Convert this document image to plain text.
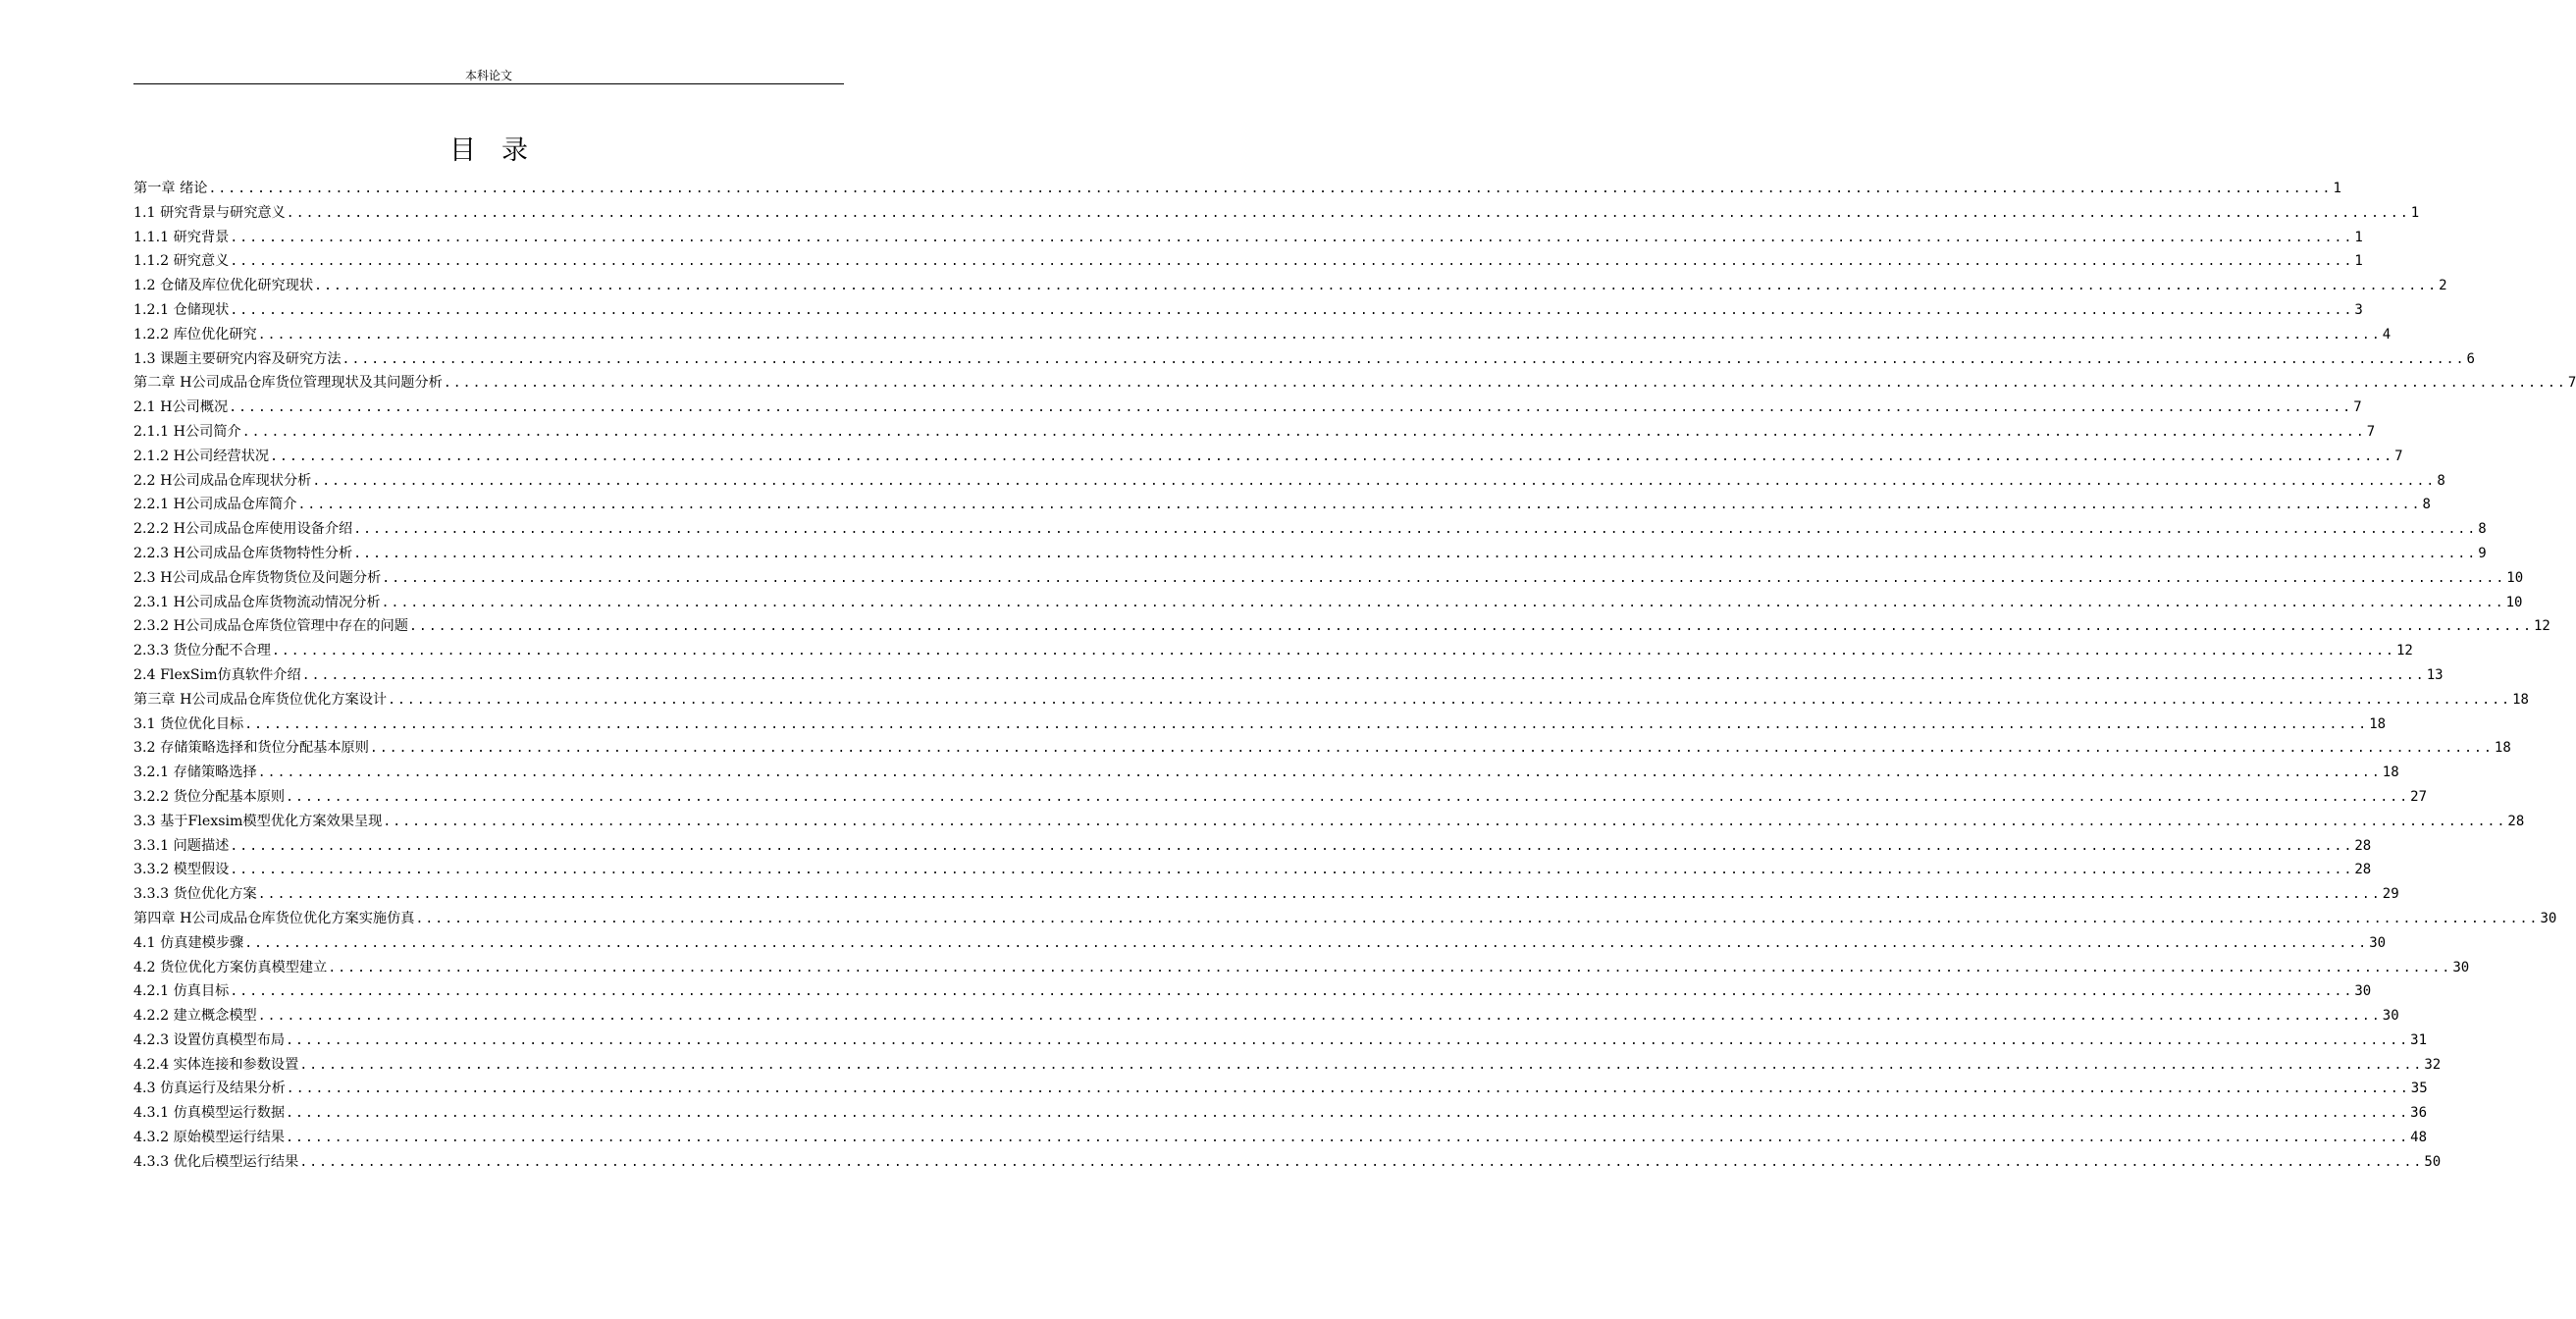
本科论文
目录
第一章 绪论 .......................................................................................................................................................................................................................... 1
1.1 研究背景与研究意义 .......................................................................................................................................................................................................................... 1
1.1.1 研究背景 .......................................................................................................................................................................................................................... 1
1.1.2 研究意义 .......................................................................................................................................................................................................................... 1
1.2 仓储及库位优化研究现状 .......................................................................................................................................................................................................................... 2
1.2.1 仓储现状 .......................................................................................................................................................................................................................... 3
1.2.2 库位优化研究 .......................................................................................................................................................................................................................... 4
1.3 课题主要研究内容及研究方法 .......................................................................................................................................................................................................................... 6
第二章 H公司成品仓库货位管理现状及其问题分析 .......................................................................................................................................................................................................................... 7
2.1 H公司概况 .......................................................................................................................................................................................................................... 7
2.1.1 H公司简介 .......................................................................................................................................................................................................................... 7
2.1.2 H公司经营状况 .......................................................................................................................................................................................................................... 7
2.2 H公司成品仓库现状分析 .......................................................................................................................................................................................................................... 8
2.2.1 H公司成品仓库简介 .......................................................................................................................................................................................................................... 8
2.2.2 H公司成品仓库使用设备介绍 .......................................................................................................................................................................................................................... 8
2.2.3 H公司成品仓库货物特性分析 .......................................................................................................................................................................................................................... 9
2.3 H公司成品仓库货物货位及问题分析 .......................................................................................................................................................................................................................... 10
2.3.1 H公司成品仓库货物流动情况分析 .......................................................................................................................................................................................................................... 10
2.3.2 H公司成品仓库货位管理中存在的问题 .......................................................................................................................................................................................................................... 12
2.3.3 货位分配不合理 .......................................................................................................................................................................................................................... 12
2.4 FlexSim仿真软件介绍 .......................................................................................................................................................................................................................... 13
第三章 H公司成品仓库货位优化方案设计 .......................................................................................................................................................................................................................... 18
3.1 货位优化目标 .......................................................................................................................................................................................................................... 18
3.2 存储策略选择和货位分配基本原则 .......................................................................................................................................................................................................................... 18
3.2.1 存储策略选择 .......................................................................................................................................................................................................................... 18
3.2.2 货位分配基本原则 .......................................................................................................................................................................................................................... 27
3.3 基于Flexsim模型优化方案效果呈现 .......................................................................................................................................................................................................................... 28
3.3.1 问题描述 .......................................................................................................................................................................................................................... 28
3.3.2 模型假设 .......................................................................................................................................................................................................................... 28
3.3.3 货位优化方案 .......................................................................................................................................................................................................................... 29
第四章 H公司成品仓库货位优化方案实施仿真 .......................................................................................................................................................................................................................... 30
4.1 仿真建模步骤 .......................................................................................................................................................................................................................... 30
4.2 货位优化方案仿真模型建立 .......................................................................................................................................................................................................................... 30
4.2.1 仿真目标 .......................................................................................................................................................................................................................... 30
4.2.2 建立概念模型 .......................................................................................................................................................................................................................... 30
4.2.3 设置仿真模型布局 .......................................................................................................................................................................................................................... 31
4.2.4 实体连接和参数设置 .......................................................................................................................................................................................................................... 32
4.3 仿真运行及结果分析 .......................................................................................................................................................................................................................... 35
4.3.1 仿真模型运行数据 .......................................................................................................................................................................................................................... 36
4.3.2 原始模型运行结果 .......................................................................................................................................................................................................................... 48
4.3.3 优化后模型运行结果 .......................................................................................................................................................................................................................... 50
